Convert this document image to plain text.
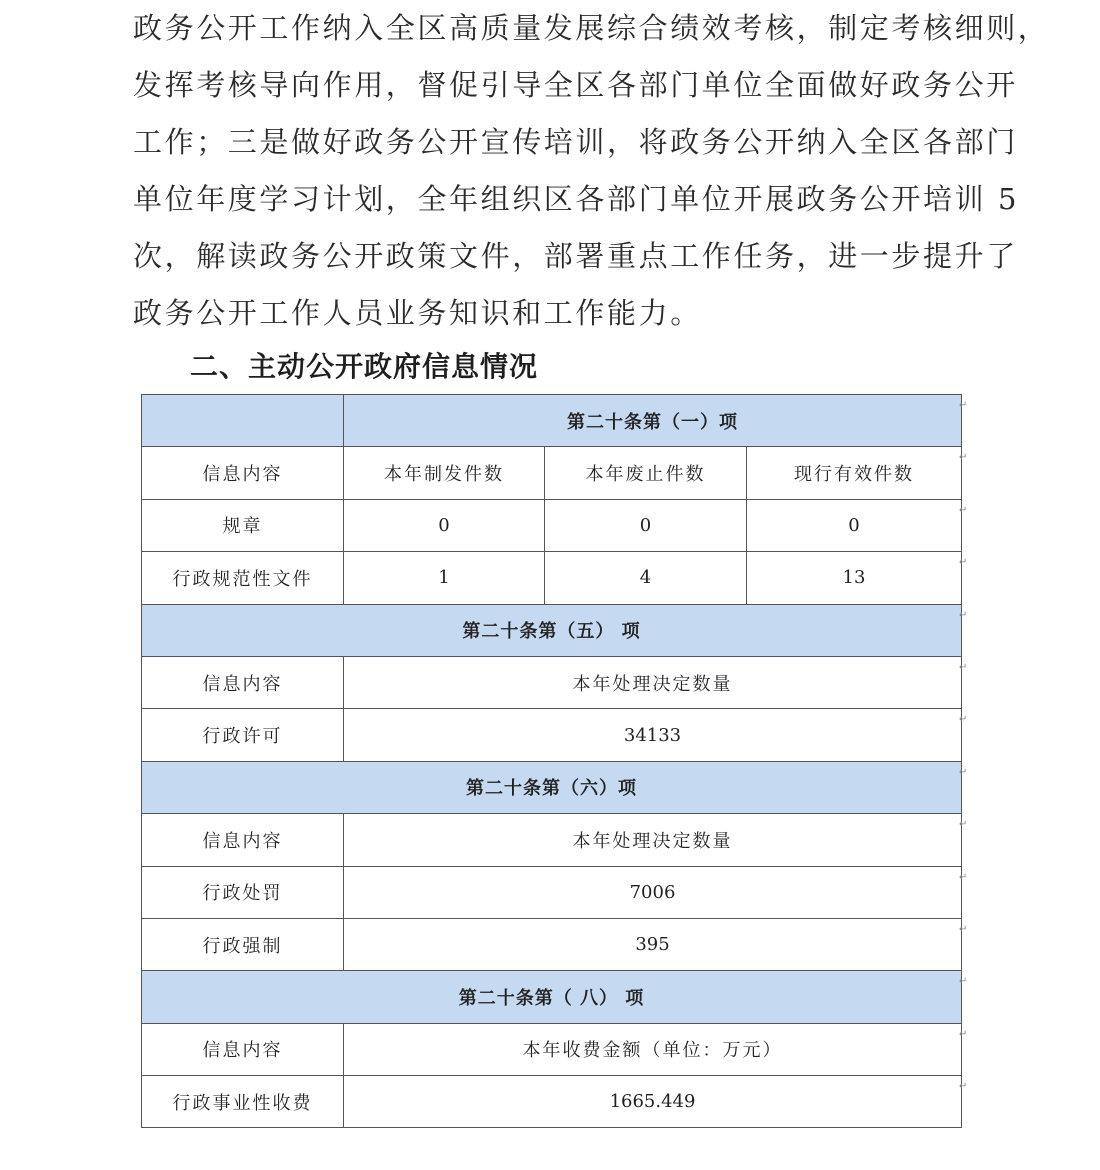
政务公开工作纳入全区高质量发展综合绩效考核，制定考核细则，
发挥考核导向作用，督促引导全区各部门单位全面做好政务公开
工作；三是做好政务公开宣传培训，将政务公开纳入全区各部门
单位年度学习计划，全年组织区各部门单位开展政务公开培训 5
次，解读政务公开政策文件，部署重点工作任务，进一步提升了
政务公开工作人员业务知识和工作能力。
二、主动公开政府信息情况
	第二十条第（一）项		
信息内容	本年制发件数	本年废止件数	现行有效件数
规章	0	0	0
行政规范性文件	1	4	13
第二十条第（五） 项			
信息内容	本年处理决定数量		
行政许可	34133		
第二十条第（六）项			
信息内容	本年处理决定数量		
行政处罚	7006		
行政强制	395		
第二十条第（ 八） 项			
信息内容	本年收费金额（单位：万元）		
行政事业性收费	1665.449		
↵
↵
↵
↵
↵
↵
↵
↵
↵
↵
↵
↵
↵
↵
